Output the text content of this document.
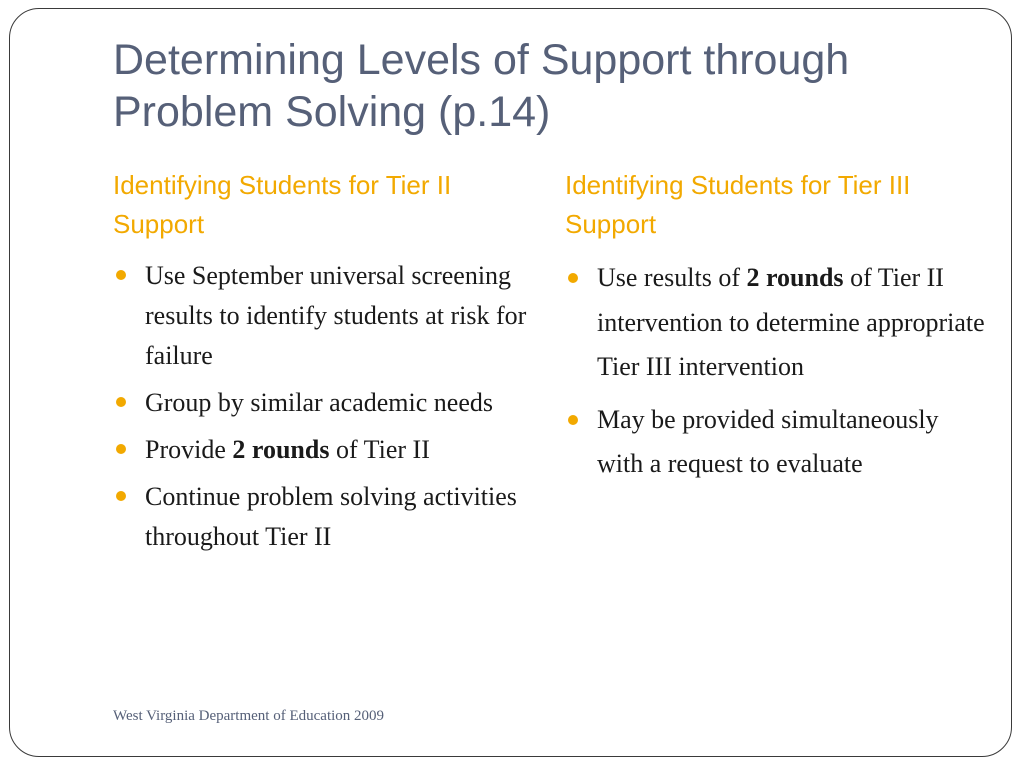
Determining Levels of Support through Problem Solving (p.14)
Identifying Students for Tier II Support
Identifying Students for Tier III Support
Use September universal screening results to identify students at risk for failure
Group by similar academic needs
Provide 2 rounds of Tier II
Continue problem solving activities throughout Tier II
Use results of 2 rounds of Tier II intervention to determine appropriate Tier III intervention
May be provided simultaneously with a request to evaluate
West Virginia Department of Education 2009
